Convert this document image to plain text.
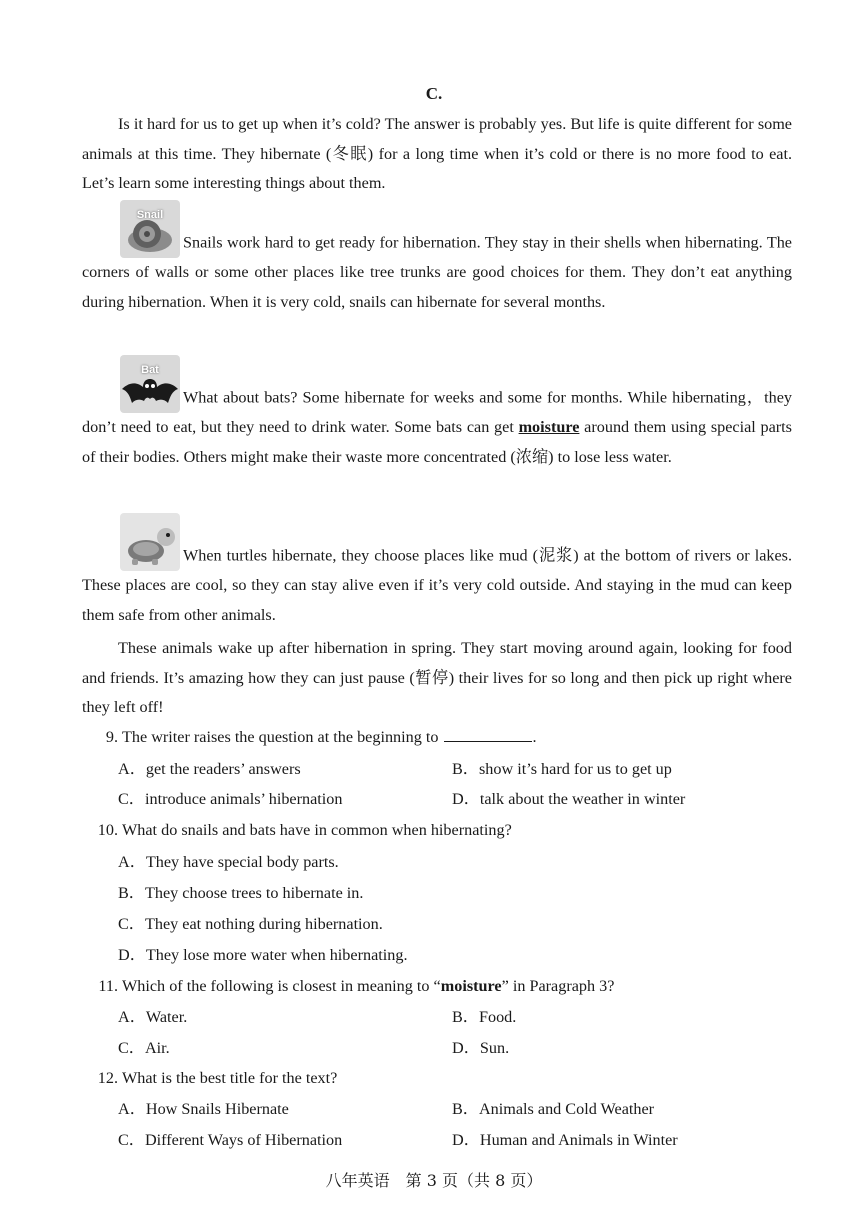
C.
Is it hard for us to get up when it’s cold? The answer is probably yes. But life is quite different for some animals at this time. They hibernate (冬眠) for a long time when it’s cold or there is no more food to eat. Let’s learn some interesting things about them.
Snail
Snails work hard to get ready for hibernation. They stay in their shells when hibernating. The corners of walls or some other places like tree trunks are good choices for them. They don’t eat anything during hibernation. When it is very cold, snails can hibernate for several months.
Bat
What about bats? Some hibernate for weeks and some for months. While hibernating，they don’t need to eat, but they need to drink water. Some bats can get moisture around them using special parts of their bodies. Others might make their waste more concentrated (浓缩) to lose less water.
When turtles hibernate, they choose places like mud (泥浆) at the bottom of rivers or lakes. These places are cool, so they can stay alive even if it’s very cold outside. And staying in the mud can keep them safe from other animals.
These animals wake up after hibernation in spring. They start moving around again, looking for food and friends. It’s amazing how they can just pause (暂停) their lives for so long and then pick up right where they left off!
9. The writer raises the question at the beginning to	.
A．get the readers’ answers	B．show it’s hard for us to get up
C．introduce animals’ hibernation	D．talk about the weather in winter
10. What do snails and bats have in common when hibernating?
A．They have special body parts.
B．They choose trees to hibernate in.
C．They eat nothing during hibernation.
D．They lose more water when hibernating.
11. Which of the following is closest in meaning to “moisture” in Paragraph 3?
A．Water.	B．Food.
C．Air.	D．Sun.
12. What is the best title for the text?
A．How Snails Hibernate	B．Animals and Cold Weather
C．Different Ways of Hibernation	D．Human and Animals in Winter
八年英语　第 3 页（共 8 页）
